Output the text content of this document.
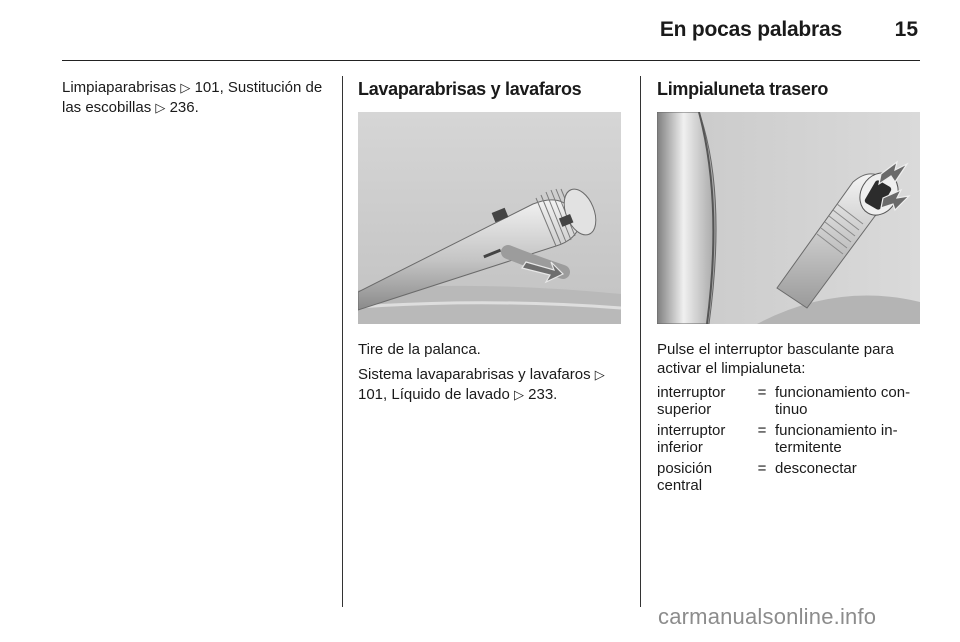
En pocas palabras	15

Limpiaparabrisas ▷ 101, Sustitución de las escobillas ▷ 236.

Lavaparabrisas y lavafaros

Tire de la palanca.

Sistema lavaparabrisas y lavafaros ▷ 101, Líquido de lavado ▷ 233.

Limpialuneta trasero

Pulse el interruptor basculante para activar el limpialuneta:

interruptor superior	=	funcionamiento con-tinuo
interruptor inferior	=	funcionamiento in-termitente
posición central	=	desconectar
carmanualsonline.info
